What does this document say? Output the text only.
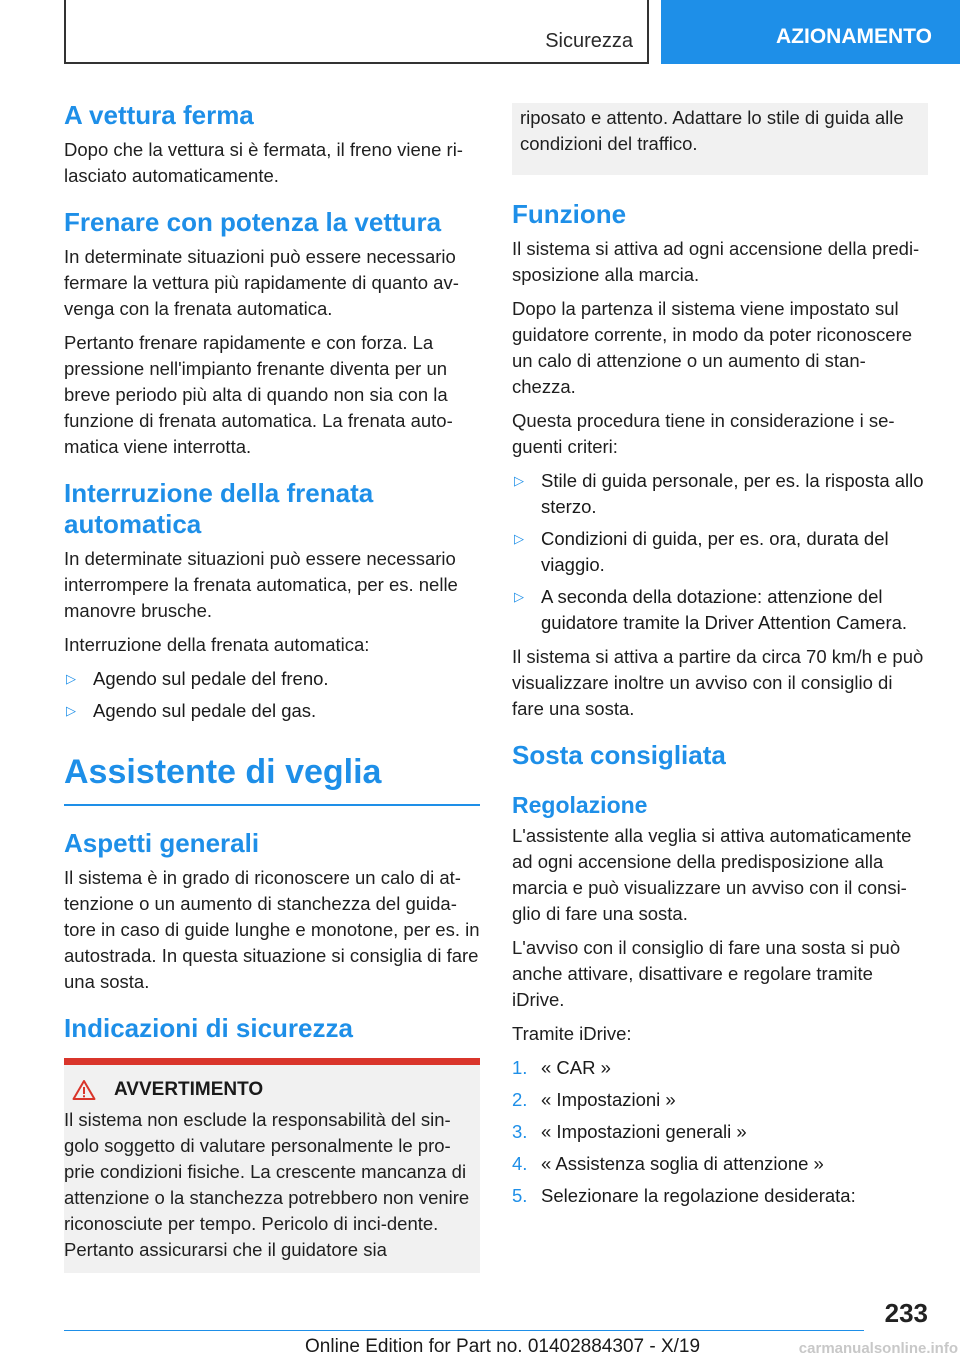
Sicurezza	AZIONAMENTO
A vettura ferma

Dopo che la vettura si è fermata, il freno viene ri-lasciato automaticamente.

Frenare con potenza la vettura

In determinate situazioni può essere necessario fermare la vettura più rapidamente di quanto av-venga con la frenata automatica.

Pertanto frenare rapidamente e con forza. La pressione nell'impianto frenante diventa per un breve periodo più alta di quando non sia con la funzione di frenata automatica. La frenata auto-matica viene interrotta.

Interruzione della frenata automatica

In determinate situazioni può essere necessario interrompere la frenata automatica, per es. nelle manovre brusche.

Interruzione della frenata automatica:

▷ Agendo sul pedale del freno.
▷ Agendo sul pedale del gas.
Assistente di veglia
Aspetti generali

Il sistema è in grado di riconoscere un calo di at-tenzione o un aumento di stanchezza del guida-tore in caso di guide lunghe e monotone, per es. in autostrada. In questa situazione si consiglia di fare una sosta.

Indicazioni di sicurezza
AVVERTIMENTO

Il sistema non esclude la responsabilità del sin-golo soggetto di valutare personalmente le pro-prie condizioni fisiche. La crescente mancanza di attenzione o la stanchezza potrebbero non venire riconosciute per tempo. Pericolo di inci-dente. Pertanto assicurarsi che il guidatore sia

riposato e attento. Adattare lo stile di guida alle condizioni del traffico.

Funzione

Il sistema si attiva ad ogni accensione della predi-sposizione alla marcia.

Dopo la partenza il sistema viene impostato sul guidatore corrente, in modo da poter riconoscere un calo di attenzione o un aumento di stan-chezza.

Questa procedura tiene in considerazione i se-guenti criteri:

▷ Stile di guida personale, per es. la risposta allo sterzo.
▷ Condizioni di guida, per es. ora, durata del viaggio.
▷ A seconda della dotazione: attenzione del guidatore tramite la Driver Attention Camera.

Il sistema si attiva a partire da circa 70 km/h e può visualizzare inoltre un avviso con il consiglio di fare una sosta.

Sosta consigliata
Regolazione

L'assistente alla veglia si attiva automaticamente ad ogni accensione della predisposizione alla marcia e può visualizzare un avviso con il consi-glio di fare una sosta.

L'avviso con il consiglio di fare una sosta si può anche attivare, disattivare e regolare tramite iDrive.

Tramite iDrive:

1. « CAR »
2. « Impostazioni »
3. « Impostazioni generali »
4. « Assistenza soglia di attenzione »
5. Selezionare la regolazione desiderata:
233
Online Edition for Part no. 01402884307 - X/19	carmanualsonline.info
